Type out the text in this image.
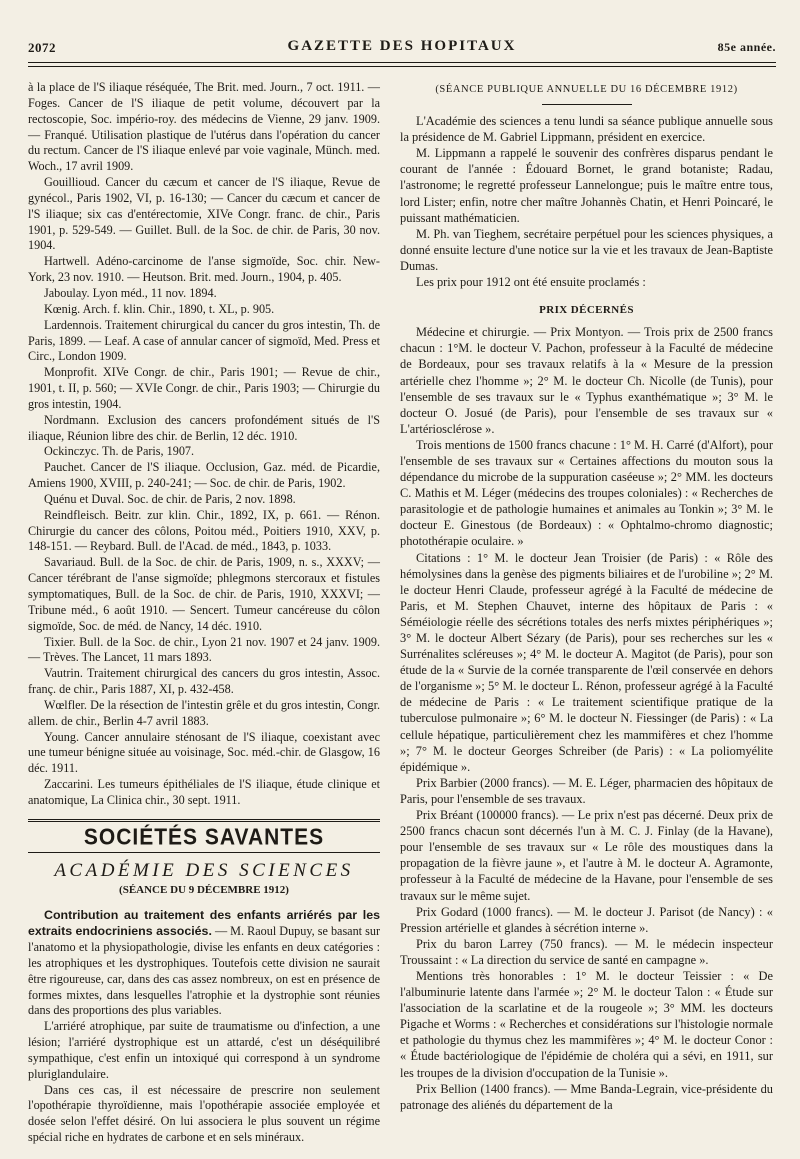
2072	GAZETTE DES HOPITAUX	85e année.

à la place de l'S iliaque réséquée, The Brit. med. Journ., 7 oct. 1911. — Foges. Cancer de l'S iliaque de petit volume, découvert par la rectoscopie, Soc. império-roy. des médecins de Vienne, 29 janv. 1909. — Franqué. Utilisation plastique de l'utérus dans l'opération du cancer du rectum. Cancer de l'S iliaque enlevé par voie vaginale, Münch. med. Woch., 17 avril 1909.

Gouillioud. Cancer du cæcum et cancer de l'S iliaque, Revue de gynécol., Paris 1902, VI, p. 16-130; — Cancer du cæcum et cancer de l'S iliaque; six cas d'entérectomie, XIVe Congr. franc. de chir., Paris 1901, p. 529-549. — Guillet. Bull. de la Soc. de chir. de Paris, 30 nov. 1904.

Hartwell. Adéno-carcinome de l'anse sigmoïde, Soc. chir. New-York, 23 nov. 1910. — Heutson. Brit. med. Journ., 1904, p. 405.

Jaboulay. Lyon méd., 11 nov. 1894.

Kœnig. Arch. f. klin. Chir., 1890, t. XL, p. 905.

Lardennois. Traitement chirurgical du cancer du gros intestin, Th. de Paris, 1899. — Leaf. A case of annular cancer of sigmoïd, Med. Press et Circ., London 1909.

Monprofit. XIVe Congr. de chir., Paris 1901; — Revue de chir., 1901, t. II, p. 560; — XVIe Congr. de chir., Paris 1903; — Chirurgie du gros intestin, 1904.

Nordmann. Exclusion des cancers profondément situés de l'S iliaque, Réunion libre des chir. de Berlin, 12 déc. 1910.

Ockinczyc. Th. de Paris, 1907.

Pauchet. Cancer de l'S iliaque. Occlusion, Gaz. méd. de Picardie, Amiens 1900, XVIII, p. 240-241; — Soc. de chir. de Paris, 1902.

Quénu et Duval. Soc. de chir. de Paris, 2 nov. 1898.

Reindfleisch. Beitr. zur klin. Chir., 1892, IX, p. 661. — Rénon. Chirurgie du cancer des côlons, Poitou méd., Poitiers 1910, XXV, p. 148-151. — Reybard. Bull. de l'Acad. de méd., 1843, p. 1033.

Savariaud. Bull. de la Soc. de chir. de Paris, 1909, n. s., XXXV; — Cancer térébrant de l'anse sigmoïde; phlegmons stercoraux et fistules symptomatiques, Bull. de la Soc. de chir. de Paris, 1910, XXXVI; — Tribune méd., 6 août 1910. — Sencert. Tumeur cancéreuse du côlon sigmoïde, Soc. de méd. de Nancy, 14 déc. 1910.

Tixier. Bull. de la Soc. de chir., Lyon 21 nov. 1907 et 24 janv. 1909. — Trèves. The Lancet, 11 mars 1893.

Vautrin. Traitement chirurgical des cancers du gros intestin, Assoc. franç. de chir., Paris 1887, XI, p. 432-458.

Wœlfler. De la résection de l'intestin grêle et du gros intestin, Congr. allem. de chir., Berlin 4-7 avril 1883.

Young. Cancer annulaire sténosant de l'S iliaque, coexistant avec une tumeur bénigne située au voisinage, Soc. méd.-chir. de Glasgow, 16 déc. 1911.

Zaccarini. Les tumeurs épithéliales de l'S iliaque, étude clinique et anatomique, La Clinica chir., 30 sept. 1911.

SOCIÉTÉS SAVANTES
ACADÉMIE DES SCIENCES
(SÉANCE DU 9 DÉCEMBRE 1912)

Contribution au traitement des enfants arriérés par les extraits endocriniens associés. — M. Raoul Dupuy, se basant sur l'anatomo et la physiopathologie, divise les enfants en deux catégories : les atrophiques et les dystrophiques. Toutefois cette division ne saurait être rigoureuse, car, dans des cas assez nombreux, on est en présence de formes mixtes, dans lesquelles l'atrophie et la dystrophie sont réunies dans des proportions des plus variables.

L'arriéré atrophique, par suite de traumatisme ou d'infection, a une lésion; l'arriéré dystrophique est un attardé, c'est un déséquilibré sympathique, c'est enfin un intoxiqué qui correspond à un syndrome pluriglandulaire.

Dans ces cas, il est nécessaire de prescrire non seulement l'opothérapie thyroïdienne, mais l'opothérapie associée employée et dosée selon l'effet désiré. On lui associera le plus souvent un régime spécial riche en hydrates de carbone et en sels minéraux.

(SÉANCE PUBLIQUE ANNUELLE DU 16 DÉCEMBRE 1912)

L'Académie des sciences a tenu lundi sa séance publique annuelle sous la présidence de M. Gabriel Lippmann, président en exercice.

M. Lippmann a rappelé le souvenir des confrères disparus pendant le courant de l'année : Édouard Bornet, le grand botaniste; Radau, l'astronome; le regretté professeur Lannelongue; puis le maître entre tous, lord Lister; enfin, notre cher maître Johannès Chatin, et Henri Poincaré, le puissant mathématicien.

M. Ph. van Tieghem, secrétaire perpétuel pour les sciences physiques, a donné ensuite lecture d'une notice sur la vie et les travaux de Jean-Baptiste Dumas.

Les prix pour 1912 ont été ensuite proclamés :

PRIX DÉCERNÉS

Médecine et chirurgie. — Prix Montyon. — Trois prix de 2500 francs chacun : 1°M. le docteur V. Pachon, professeur à la Faculté de médecine de Bordeaux, pour ses travaux relatifs à la « Mesure de la pression artérielle chez l'homme »; 2° M. le docteur Ch. Nicolle (de Tunis), pour l'ensemble de ses travaux sur le « Typhus exanthématique »; 3° M. le docteur O. Josué (de Paris), pour l'ensemble de ses travaux sur « L'artériosclérose ».

Trois mentions de 1500 francs chacune : 1° M. H. Carré (d'Alfort), pour l'ensemble de ses travaux sur « Certaines affections du mouton sous la dépendance du microbe de la suppuration caséeuse »; 2° MM. les docteurs C. Mathis et M. Léger (médecins des troupes coloniales) : « Recherches de parasitologie et de pathologie humaines et animales au Tonkin »; 3° M. le docteur E. Ginestous (de Bordeaux) : « Ophtalmo-chromo diagnostic; photothérapie oculaire. »

Citations : 1° M. le docteur Jean Troisier (de Paris) : « Rôle des hémolysines dans la genèse des pigments biliaires et de l'urobiline »; 2° M. le docteur Henri Claude, professeur agrégé à la Faculté de médecine de Paris, et M. Stephen Chauvet, interne des hôpitaux de Paris : « Séméiologie réelle des sécrétions totales des nerfs mixtes périphériques »; 3° M. le docteur Albert Sézary (de Paris), pour ses recherches sur les « Surrénalites scléreuses »; 4° M. le docteur A. Magitot (de Paris), pour son étude de la « Survie de la cornée transparente de l'œil conservée en dehors de l'organisme »; 5° M. le docteur L. Rénon, professeur agrégé à la Faculté de médecine de Paris : « Le traitement scientifique pratique de la tuberculose pulmonaire »; 6° M. le docteur N. Fiessinger (de Paris) : « La cellule hépatique, particulièrement chez les mammifères et chez l'homme »; 7° M. le docteur Georges Schreiber (de Paris) : « La poliomyélite épidémique ».

Prix Barbier (2000 francs). — M. E. Léger, pharmacien des hôpitaux de Paris, pour l'ensemble de ses travaux.

Prix Bréant (100000 francs). — Le prix n'est pas décerné. Deux prix de 2500 francs chacun sont décernés l'un à M. C. J. Finlay (de la Havane), pour l'ensemble de ses travaux sur « Le rôle des moustiques dans la propagation de la fièvre jaune », et l'autre à M. le docteur A. Agramonte, professeur à la Faculté de médecine de la Havane, pour l'ensemble de ses travaux sur le même sujet.

Prix Godard (1000 francs). — M. le docteur J. Parisot (de Nancy) : « Pression artérielle et glandes à sécrétion interne ».

Prix du baron Larrey (750 francs). — M. le médecin inspecteur Troussaint : « La direction du service de santé en campagne ».

Mentions très honorables : 1° M. le docteur Teissier : « De l'albuminurie latente dans l'armée »; 2° M. le docteur Talon : « Étude sur l'association de la scarlatine et de la rougeole »; 3° MM. les docteurs Pigache et Worms : « Recherches et considérations sur l'histologie normale et pathologie du thymus chez les mammifères »; 4° M. le docteur Conor : « Étude bactériologique de l'épidémie de choléra qui a sévi, en 1911, sur les troupes de la division d'occupation de la Tunisie ».

Prix Bellion (1400 francs). — Mme Banda-Legrain, vice-présidente du patronage des aliénés du département de la
